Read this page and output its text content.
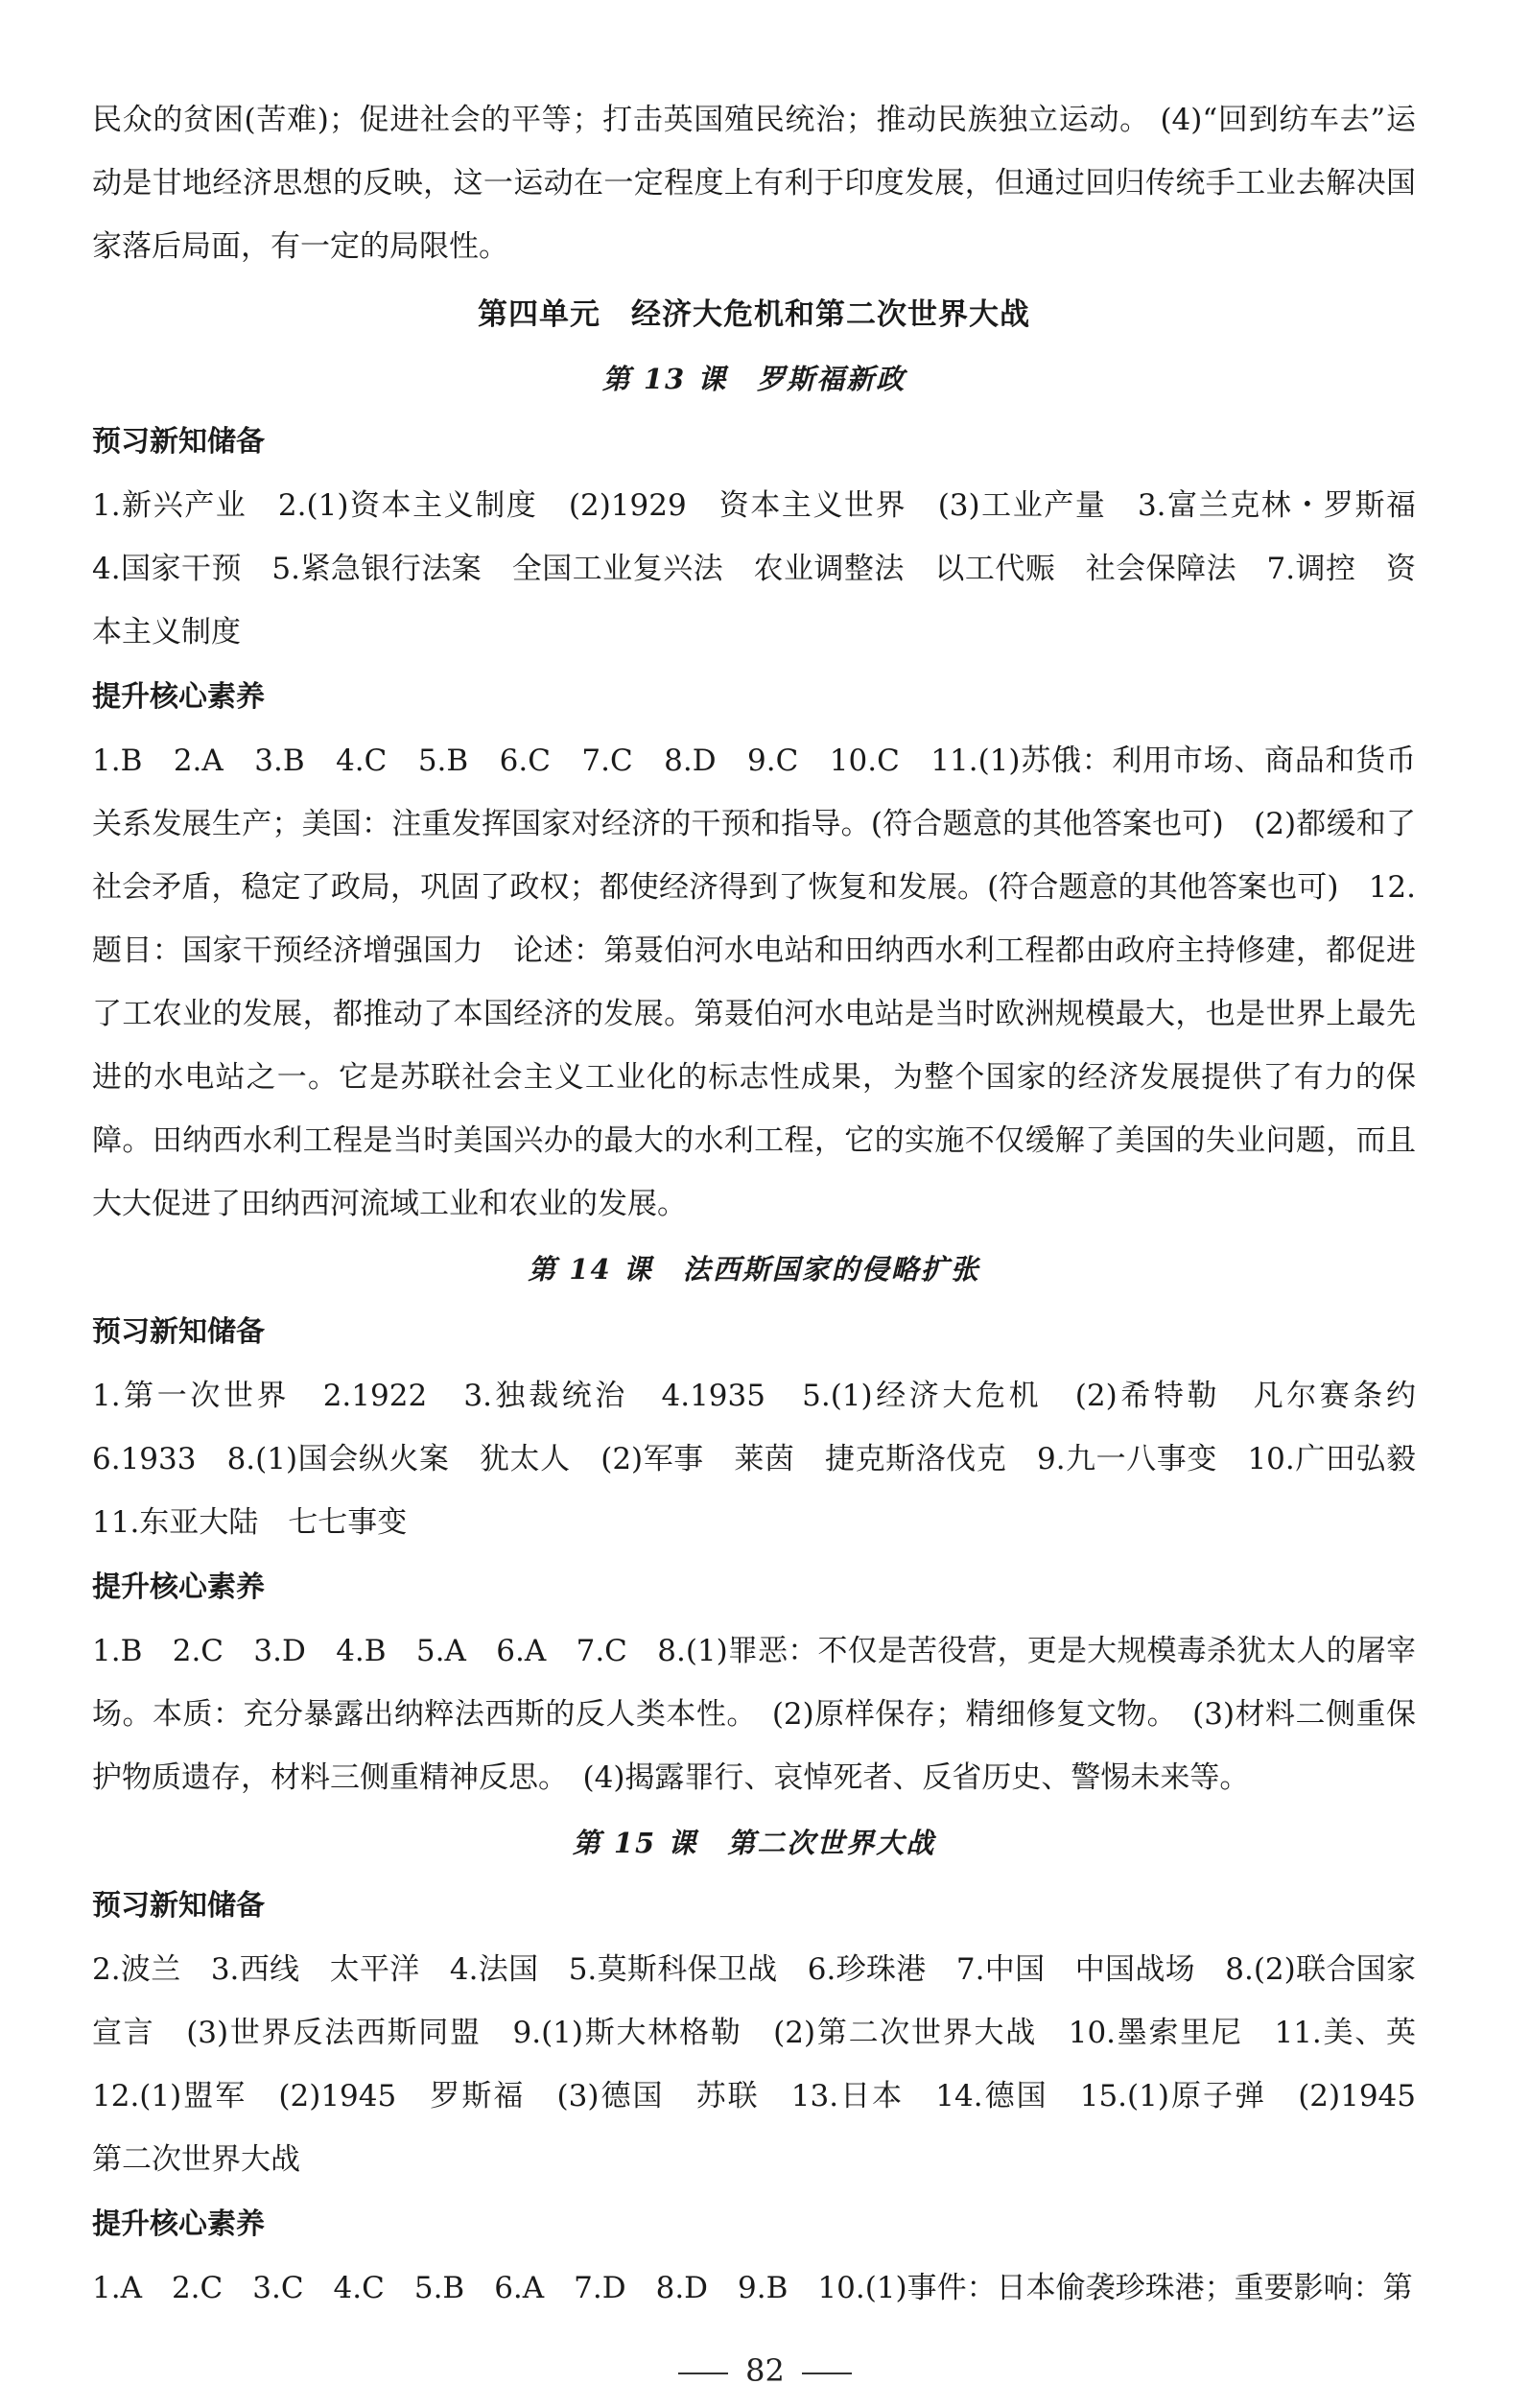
民众的贫困(苦难)；促进社会的平等；打击英国殖民统治；推动民族独立运动。 (4)“回到纺车去”运动是甘地经济思想的反映，这一运动在一定程度上有利于印度发展，但通过回归传统手工业去解决国家落后局面，有一定的局限性。

第四单元　经济大危机和第二次世界大战
第 13 课　罗斯福新政
预习新知储备

1.新兴产业　2.(1)资本主义制度　(2)1929　资本主义世界　(3)工业产量　3.富兰克林・罗斯福　4.国家干预　5.紧急银行法案　全国工业复兴法　农业调整法　以工代赈　社会保障法　7.调控　资本主义制度

提升核心素养

1.B　2.A　3.B　4.C　5.B　6.C　7.C　8.D　9.C　10.C　11.(1)苏俄：利用市场、商品和货币关系发展生产；美国：注重发挥国家对经济的干预和指导。(符合题意的其他答案也可)　(2)都缓和了社会矛盾，稳定了政局，巩固了政权；都使经济得到了恢复和发展。(符合题意的其他答案也可)　12.题目：国家干预经济增强国力　论述：第聂伯河水电站和田纳西水利工程都由政府主持修建，都促进了工农业的发展，都推动了本国经济的发展。第聂伯河水电站是当时欧洲规模最大，也是世界上最先进的水电站之一。它是苏联社会主义工业化的标志性成果，为整个国家的经济发展提供了有力的保障。田纳西水利工程是当时美国兴办的最大的水利工程，它的实施不仅缓解了美国的失业问题，而且大大促进了田纳西河流域工业和农业的发展。

第 14 课　法西斯国家的侵略扩张
预习新知储备

1.第一次世界　2.1922　3.独裁统治　4.1935　5.(1)经济大危机　(2)希特勒　凡尔赛条约　6.1933　8.(1)国会纵火案　犹太人　(2)军事　莱茵　捷克斯洛伐克　9.九一八事变　10.广田弘毅　11.东亚大陆　七七事变

提升核心素养

1.B　2.C　3.D　4.B　5.A　6.A　7.C　8.(1)罪恶：不仅是苦役营，更是大规模毒杀犹太人的屠宰场。本质：充分暴露出纳粹法西斯的反人类本性。　(2)原样保存；精细修复文物。　(3)材料二侧重保护物质遗存，材料三侧重精神反思。　(4)揭露罪行、哀悼死者、反省历史、警惕未来等。

第 15 课　第二次世界大战
预习新知储备

2.波兰　3.西线　太平洋　4.法国　5.莫斯科保卫战　6.珍珠港　7.中国　中国战场　8.(2)联合国家宣言　(3)世界反法西斯同盟　9.(1)斯大林格勒　(2)第二次世界大战　10.墨索里尼　11.美、英　12.(1)盟军　(2)1945　罗斯福　(3)德国　苏联　13.日本　14.德国　15.(1)原子弹　(2)1945　第二次世界大战

提升核心素养

1.A　2.C　3.C　4.C　5.B　6.A　7.D　8.D　9.B　10.(1)事件：日本偷袭珍珠港；重要影响：第

82
